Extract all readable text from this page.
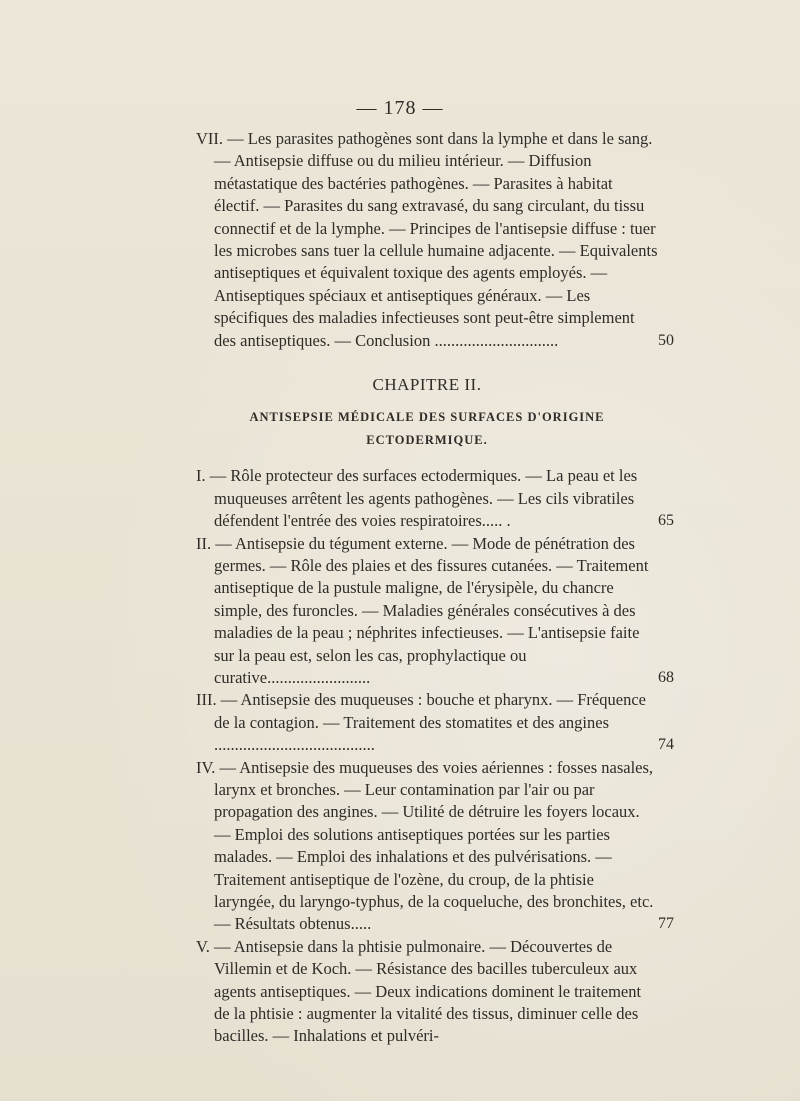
— 178 —
VII. — Les parasites pathogènes sont dans la lymphe et dans le sang. — Antisepsie diffuse ou du milieu intérieur. — Diffusion métastatique des bactéries pathogènes. — Parasites à habitat électif. — Parasites du sang extravasé, du sang circulant, du tissu connectif et de la lymphe. — Principes de l'antisepsie diffuse : tuer les microbes sans tuer la cellule humaine adjacente. — Equivalents antiseptiques et équivalent toxique des agents employés. — Antiseptiques spéciaux et antiseptiques généraux. — Les spécifiques des maladies infectieuses sont peut-être simplement des antiseptiques. — Conclusion ..............................	50
CHAPITRE II.
ANTISEPSIE MÉDICALE DES SURFACES D'ORIGINE ECTODERMIQUE.
I. — Rôle protecteur des surfaces ectodermiques. — La peau et les muqueuses arrêtent les agents pathogènes. — Les cils vibratiles défendent l'entrée des voies respiratoires..... .	65
II. — Antisepsie du tégument externe. — Mode de pénétration des germes. — Rôle des plaies et des fissures cutanées. — Traitement antiseptique de la pustule maligne, de l'érysipèle, du chancre simple, des furoncles. — Maladies générales consécutives à des maladies de la peau ; néphrites infectieuses. — L'antisepsie faite sur la peau est, selon les cas, prophylactique ou curative.........................	68
III. — Antisepsie des muqueuses : bouche et pharynx. — Fréquence de la contagion. — Traitement des stomatites et des angines .......................................	74
IV. — Antisepsie des muqueuses des voies aériennes : fosses nasales, larynx et bronches. — Leur contamination par l'air ou par propagation des angines. — Utilité de détruire les foyers locaux. — Emploi des solutions antiseptiques portées sur les parties malades. — Emploi des inhalations et des pulvérisations. — Traitement antiseptique de l'ozène, du croup, de la phtisie laryngée, du laryngo-typhus, de la coqueluche, des bronchites, etc. — Résultats obtenus.....	77
V. — Antisepsie dans la phtisie pulmonaire. — Découvertes de Villemin et de Koch. — Résistance des bacilles tuberculeux aux agents antiseptiques. — Deux indications dominent le traitement de la phtisie : augmenter la vitalité des tissus, diminuer celle des bacilles. — Inhalations et pulvéri-
